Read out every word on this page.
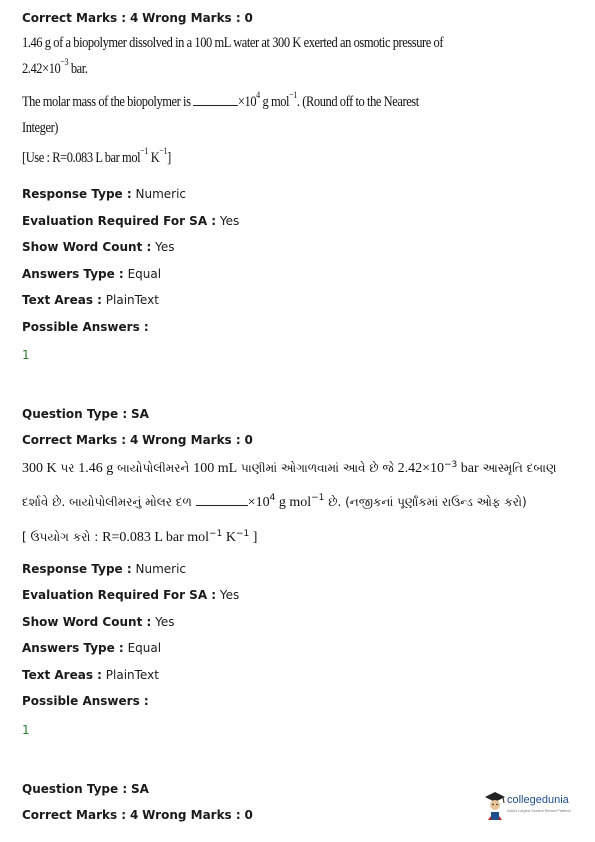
Correct Marks : 4 Wrong Marks : 0
1.46 g of a biopolymer dissolved in a 100 mL water at 300 K exerted an osmotic pressure of
$2.42\times 10^{-3}$ bar.
The molar mass of the biopolymer is	$\times 10^4$ g mol$^{-1}$. (Round off to the Nearest
Integer)
[Use : R=0.083 L bar mol$^{-1}$ $K^{-1}$]
Response Type : Numeric
Evaluation Required For SA : Yes
Show Word Count : Yes
Answers Type : Equal
Text Areas : PlainText
Possible Answers :
1
Question Type : SA
Correct Marks : 4 Wrong Marks : 0
300 K પર 1.46 g બાયોપોલીમરને 100 mL પાણીમાં ઓગાળવામાં આવે છે જે $2.42\times 10^{-3}$ bar આસ્મૃતિ દબાણ
દર્શાવે છે. બાયોપોલીમરનું મોલર દળ	$\times 10^4$ g mol$^{-1}$ છે. (નજીકનાં પૂર્ણાંકમાં રાઉન્ડ ઓફ કરો)
[ ઉપયોગ કરો : R=0.083 L bar mol$^{-1}$ $K^{-1}$ ]
Response Type : Numeric
Evaluation Required For SA : Yes
Show Word Count : Yes
Answers Type : Equal
Text Areas : PlainText
Possible Answers :
1
Question Type : SA
Correct Marks : 4 Wrong Marks : 0
collegedunia
India's Largest Student Review Platform
